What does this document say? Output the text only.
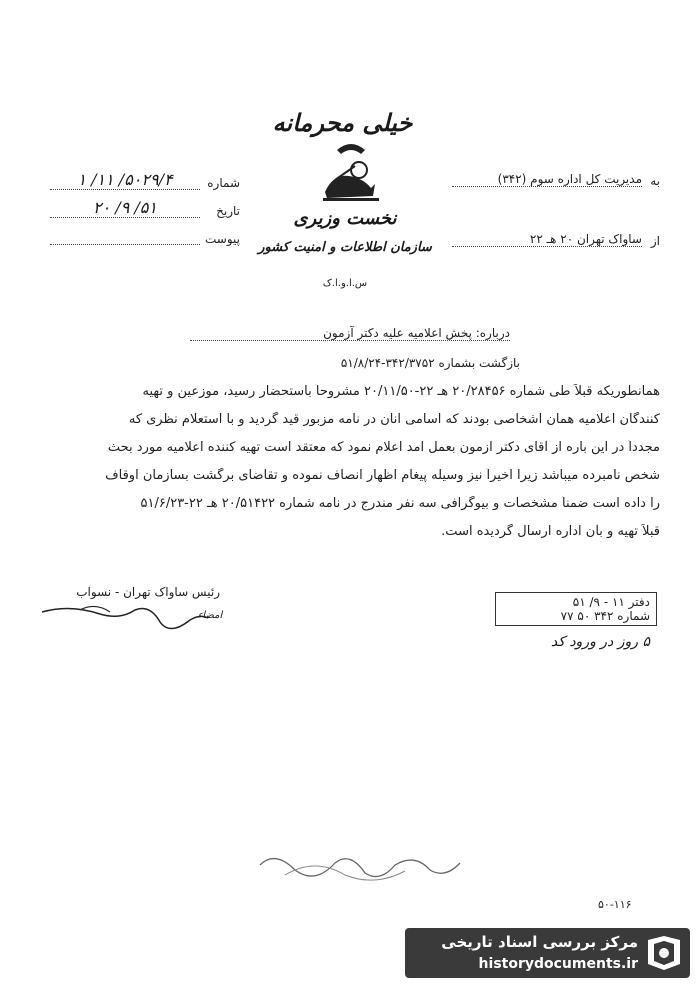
خیلی محرمانه
نخست وزیری
سازمان اطلاعات و امنیت کشور
س.ا.و.ا.ک
شماره
۵۰۲۹/۴/ ۱۱/ ۱
تاریخ
۵۱/ ۹/ ۲۰
پیوست
به
مدیریت کل اداره سوم (۳۴۲)
از
ساواک تهران ۲۰ هـ ۲۲
درباره: پخش اعلامیه علیه دکتر آزمون
بازگشت بشماره ۳۴۲/۳۷۵۲-۵۱/۸/۲۴
همانطوریکه قبلاً طی شماره ۲۰/۲۸۴۵۶ هـ ۲۲-۲۰/۱۱/۵۰ مشروحاً باستحضار رسید، موزعین و تهیه
کنندگان اعلامیه همان اشخاصی بودند که اسامی آنان در نامه مزبور قید گردید و با استعلام نظری که
مجدداً در این باره از آقای دکتر آزمون بعمل آمد اعلام نمود که معتقد است تهیه کننده اعلامیه مورد بحث
شخص نامبرده میباشد زیرا اخیراً نیز وسیله پیغام اظهار انصاف نموده و تقاضای برگشت بسازمان اوقاف
را داده است ضمناً مشخصات و بیوگرافی سه نفر مندرج در نامه شماره ۲۰/۵۱۴۲۲ هـ ۲۲-۵۱/۶/۲۳
قبلاً تهیه و بآن اداره ارسال گردیده است.
رئیس ساواک تهران - نسواب
امضاء
دفتر ۱۱ - ۹/ ۵۱
شماره ۳۴۲ ۵۰ ۷۷
۵ روز در ورود کد
۵۰-۱۱۶
مرکز بررسی اسناد تاریخی
historydocuments.ir
